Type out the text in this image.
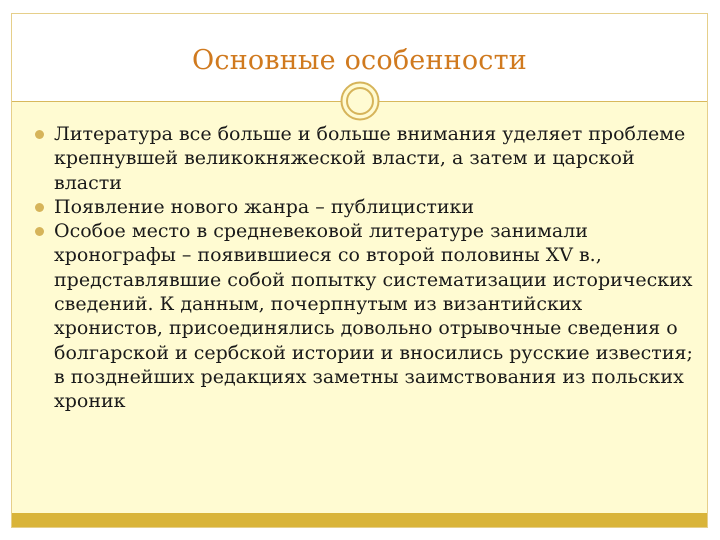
Основные особенности
Литература все больше и больше внимания уделяет проблеме крепнувшей великокняжеской власти, а затем и царской власти
Появление нового жанра – публицистики
Особое место в средневековой литературе занимали хронографы – появившиеся со второй половины XV в., представлявшие собой попытку систематизации исторических сведений. К данным, почерпнутым из византийских хронистов, присоединялись довольно отрывочные сведения о болгарской и сербской истории и вносились русские известия; в позднейших редакциях заметны заимствования из польских хроник
